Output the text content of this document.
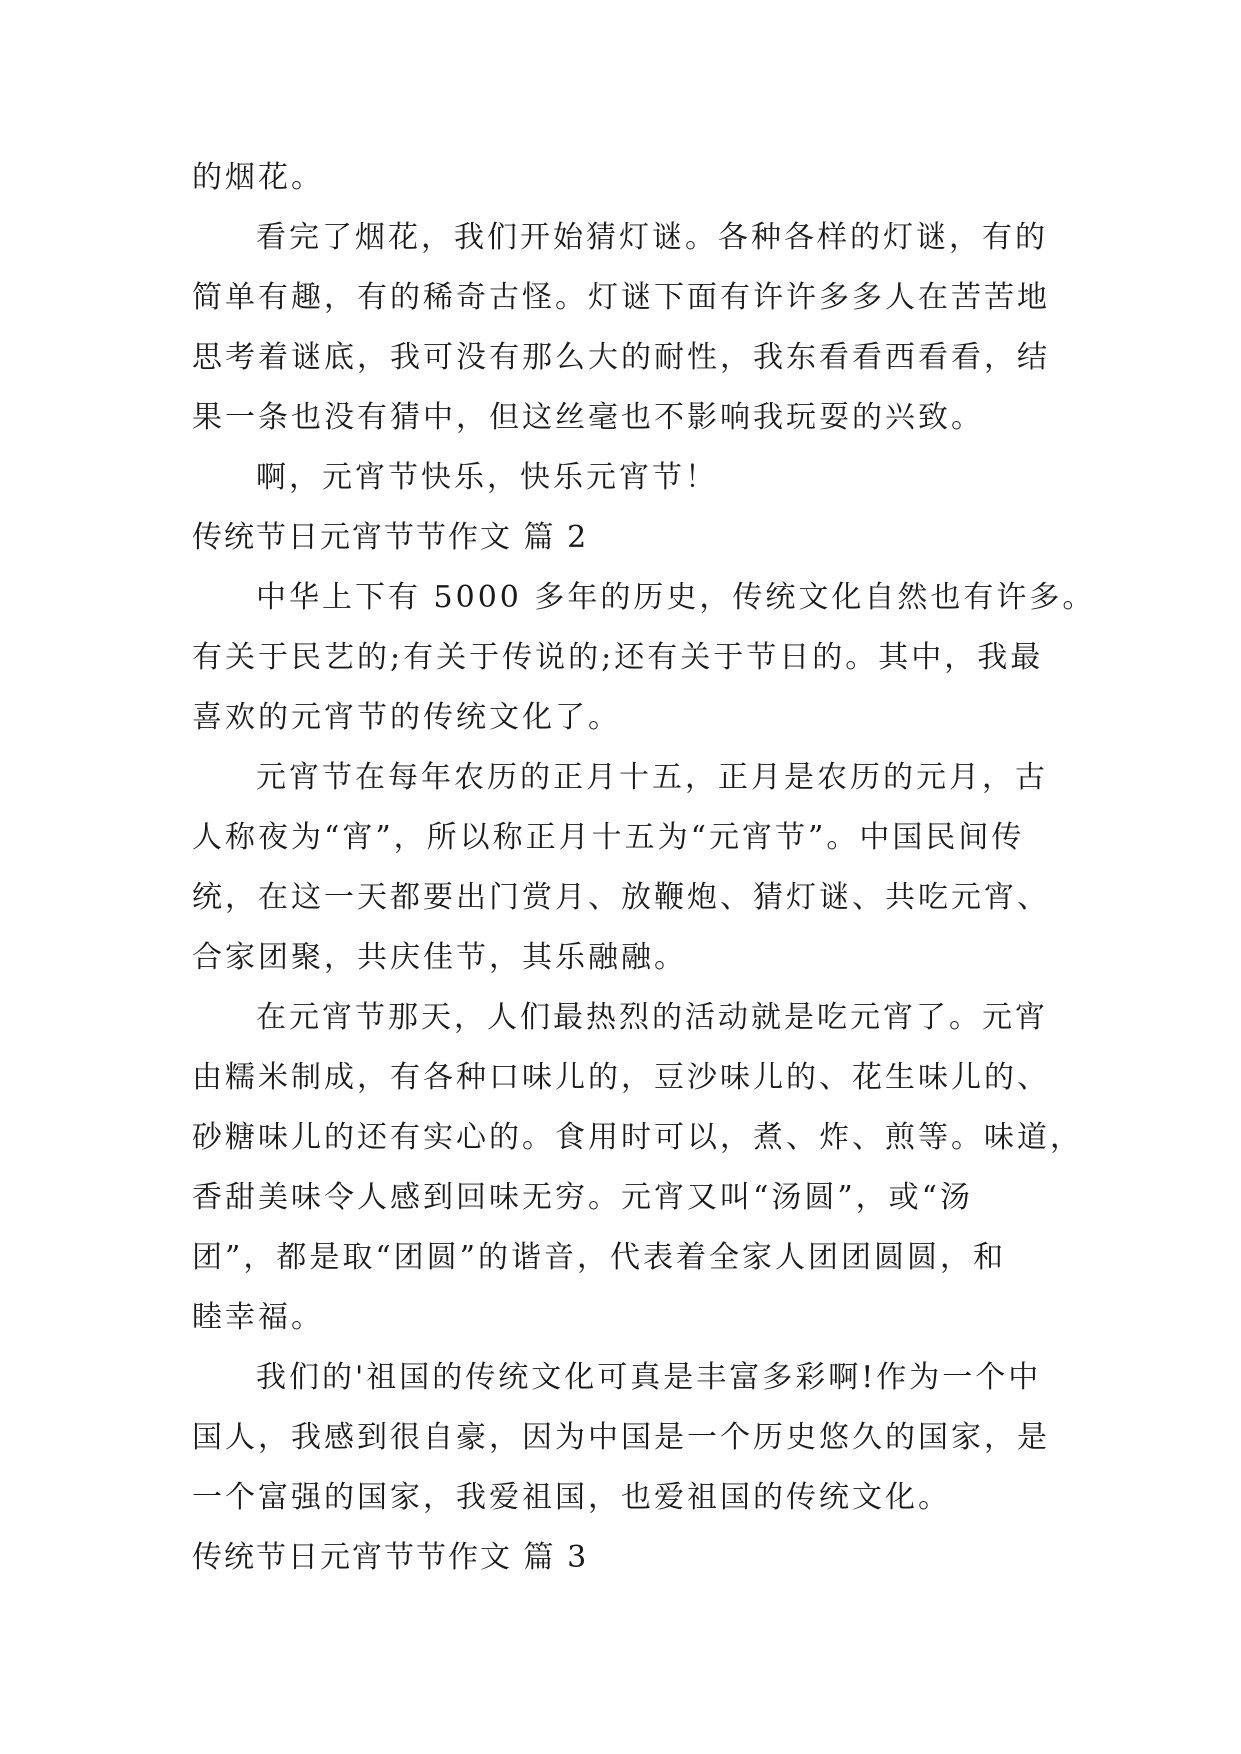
的烟花。
看完了烟花，我们开始猜灯谜。各种各样的灯谜，有的
简单有趣，有的稀奇古怪。灯谜下面有许许多多人在苦苦地
思考着谜底，我可没有那么大的耐性，我东看看西看看，结
果一条也没有猜中，但这丝毫也不影响我玩耍的兴致。
啊，元宵节快乐，快乐元宵节！
传统节日元宵节节作文 篇 2
中华上下有 5000 多年的历史，传统文化自然也有许多。
有关于民艺的;有关于传说的;还有关于节日的。其中，我最
喜欢的元宵节的传统文化了。
元宵节在每年农历的正月十五，正月是农历的元月，古
人称夜为“宵”，所以称正月十五为“元宵节”。中国民间传
统，在这一天都要出门赏月、放鞭炮、猜灯谜、共吃元宵、
合家团聚，共庆佳节，其乐融融。
在元宵节那天，人们最热烈的活动就是吃元宵了。元宵
由糯米制成，有各种口味儿的，豆沙味儿的、花生味儿的、
砂糖味儿的还有实心的。食用时可以，煮、炸、煎等。味道，
香甜美味令人感到回味无穷。元宵又叫“汤圆”，或“汤
团”，都是取“团圆”的谐音，代表着全家人团团圆圆，和
睦幸福。
我们的'祖国的传统文化可真是丰富多彩啊!作为一个中
国人，我感到很自豪，因为中国是一个历史悠久的国家，是
一个富强的国家，我爱祖国，也爱祖国的传统文化。
传统节日元宵节节作文 篇 3
